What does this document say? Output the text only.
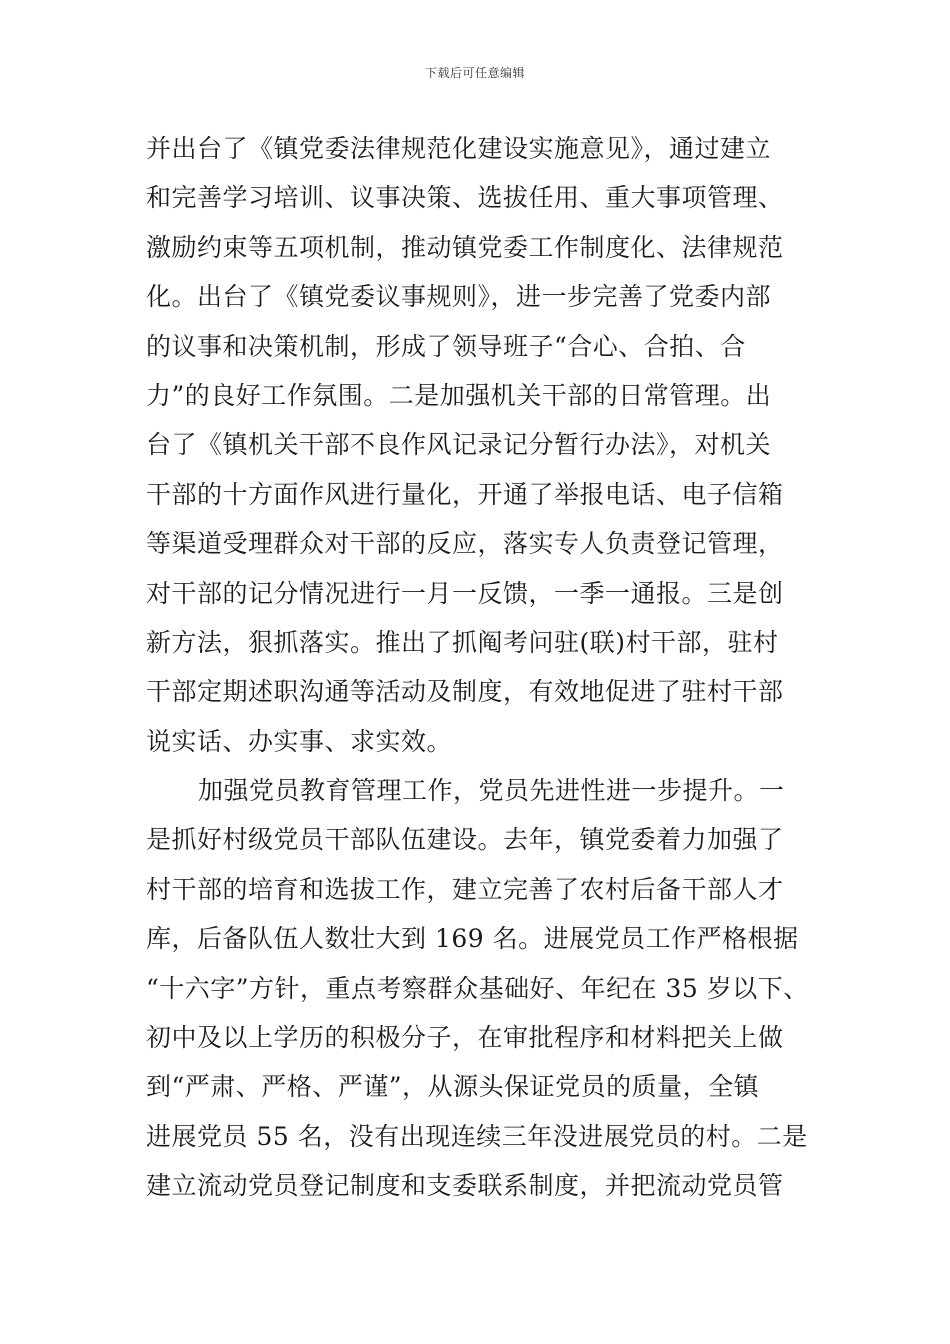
下载后可任意编辑
并出台了《镇党委法律规范化建设实施意见》，通过建立
和完善学习培训、议事决策、选拔任用、重大事项管理、
激励约束等五项机制，推动镇党委工作制度化、法律规范
化。出台了《镇党委议事规则》，进一步完善了党委内部
的议事和决策机制，形成了领导班子“合心、合拍、合
力”的良好工作氛围。二是加强机关干部的日常管理。出
台了《镇机关干部不良作风记录记分暂行办法》，对机关
干部的十方面作风进行量化，开通了举报电话、电子信箱
等渠道受理群众对干部的反应，落实专人负责登记管理，
对干部的记分情况进行一月一反馈，一季一通报。三是创
新方法，狠抓落实。推出了抓阄考问驻(联)村干部，驻村
干部定期述职沟通等活动及制度，有效地促进了驻村干部
说实话、办实事、求实效。
加强党员教育管理工作，党员先进性进一步提升。一
是抓好村级党员干部队伍建设。去年，镇党委着力加强了
村干部的培育和选拔工作，建立完善了农村后备干部人才
库，后备队伍人数壮大到 169 名。进展党员工作严格根据
“十六字”方针，重点考察群众基础好、年纪在 35 岁以下、
初中及以上学历的积极分子，在审批程序和材料把关上做
到“严肃、严格、严谨”，从源头保证党员的质量，全镇
进展党员 55 名，没有出现连续三年没进展党员的村。二是
建立流动党员登记制度和支委联系制度，并把流动党员管
